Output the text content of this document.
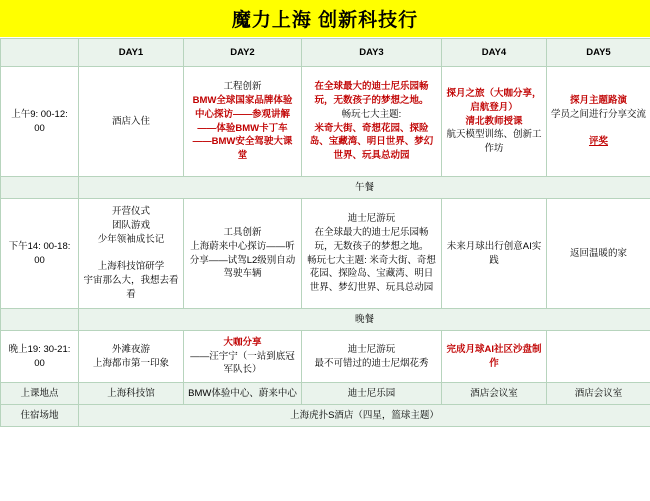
魔力上海 创新科技行
	DAY1	DAY2	DAY3	DAY4	DAY5
上午9: 00-12: 00	酒店入住	工程创新
BMW全球国家品牌体验中心探访——参观讲解——体验BMW卡丁车——BMW安全驾驶大课堂	在全球最大的迪士尼乐园畅玩，无数孩子的梦想之地。
畅玩七大主题:
米奇大街、奇想花园、探险岛、宝藏湾、明日世界、梦幻世界、玩具总动园	探月之旅（大咖分享，启航登月）
清北教师授课
航天模型训练、创新工作坊	探月主题路演
学员之间进行分享交流
评奖

	午餐				
下午14: 00-18: 00	开营仪式
团队游戏
少年领袖成长记
上海科技馆研学
宇宙那么大，我想去看看	工具创新
上海蔚来中心探访——听分享——试驾L2级别自动驾驶车辆	迪士尼游玩
在全球最大的迪士尼乐园畅玩，无数孩子的梦想之地。
畅玩七大主题: 米奇大街、奇想花园、探险岛、宝藏湾、明日世界、梦幻世界、玩具总动园	未来月球出行创意AI实践	返回温暖的家
	晚餐				
晚上19: 30-21: 00	外滩夜游
上海都市第一印象	大咖分享
——汪宇宁（一站到底冠军队长）	迪士尼游玩
最不可错过的迪士尼烟花秀	完成月球AI社区沙盘制作	

上课地点	上海科技馆	BMW体验中心、蔚来中心	迪士尼乐园	酒店会议室	酒店会议室
住宿场地	上海虎扑S酒店（四星，篮球主题）				
